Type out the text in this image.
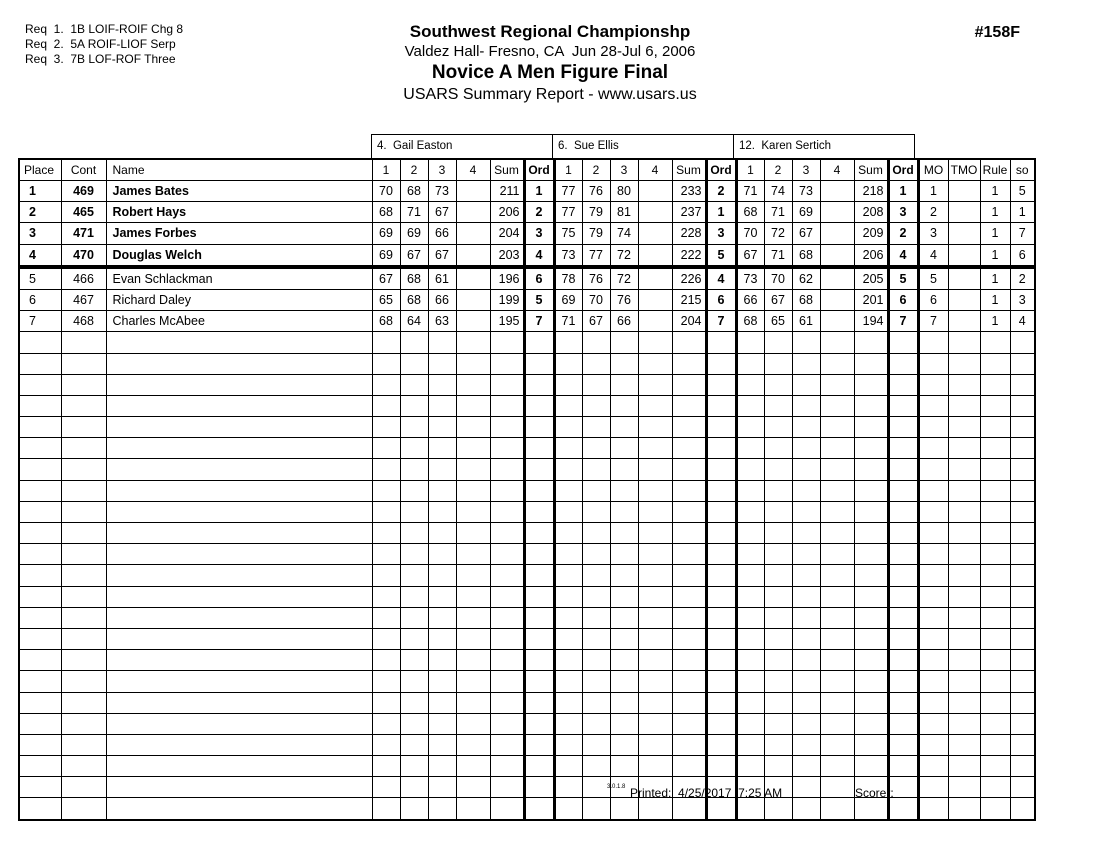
Req  1.  1B LOIF-ROIF Chg 8
Req  2.  5A ROIF-LIOF Serp
Req  3.  7B LOF-ROF Three
Southwest Regional Championshp
Valdez Hall- Fresno, CA  Jun 28-Jul 6, 2006
Novice A Men Figure Final
USARS Summary Report - www.usars.us
#158F
4.  Gail Easton	6.  Sue Ellis	12.  Karen Sertich
Place	Cont	Name	1	2	3	4	Sum	Ord	1	2	3	4	Sum	Ord	1	2	3	4	Sum	Ord	MO	TMO	Rule	so
1	469	James Bates	70	68	73		211	1	77	76	80		233	2	71	74	73		218	1	1		1	5
2	465	Robert Hays	68	71	67		206	2	77	79	81		237	1	68	71	69		208	3	2		1	1
3	471	James Forbes	69	69	66		204	3	75	79	74		228	3	70	72	67		209	2	3		1	7
4	470	Douglas Welch	69	67	67		203	4	73	77	72		222	5	67	71	68		206	4	4		1	6
5	466	Evan Schlackman	67	68	61		196	6	78	76	72		226	4	73	70	62		205	5	5		1	2
6	467	Richard Daley	65	68	66		199	5	69	70	76		215	6	66	67	68		201	6	6		1	3
7	468	Charles McAbee	68	64	63		195	7	71	67	66		204	7	68	65	61		194	7	7		1	4

3.0.1.8 Printed:  4/25/2017  7:25 AM	Scorer:
